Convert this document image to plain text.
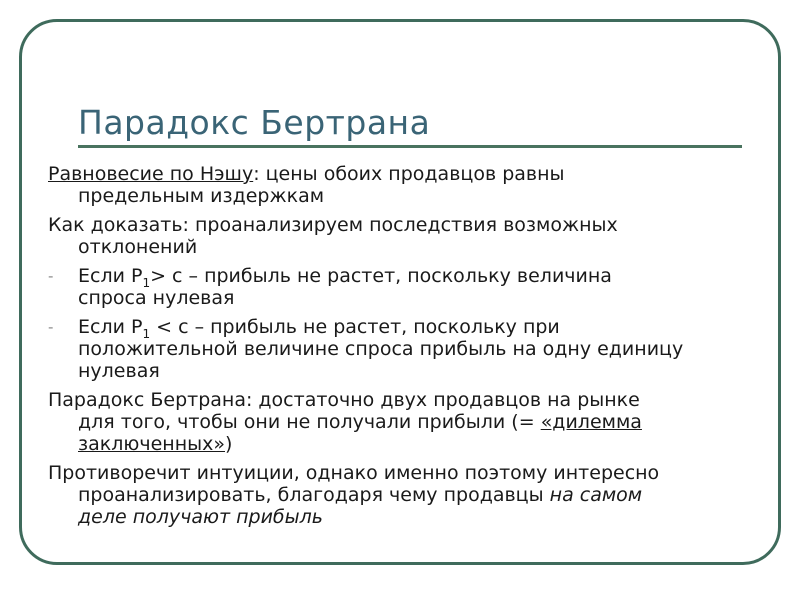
Парадокс Бертрана

Равновесие по Нэшу: цены обоих продавцов равны
предельным издержкам

Как доказать: проанализируем последствия возможных
отклонений

- Если $Р_1> c$ – прибыль не растет, поскольку величина
спроса нулевая

- Если $Р_1 < c$ – прибыль не растет, поскольку при
положительной величине спроса прибыль на одну единицу
нулевая

Парадокс Бертрана: достаточно двух продавцов на рынке
для того, чтобы они не получали прибыли (= «дилемма
заключенных»)

Противоречит интуиции, однако именно поэтому интересно
проанализировать, благодаря чему продавцы на самом
деле получают прибыль
